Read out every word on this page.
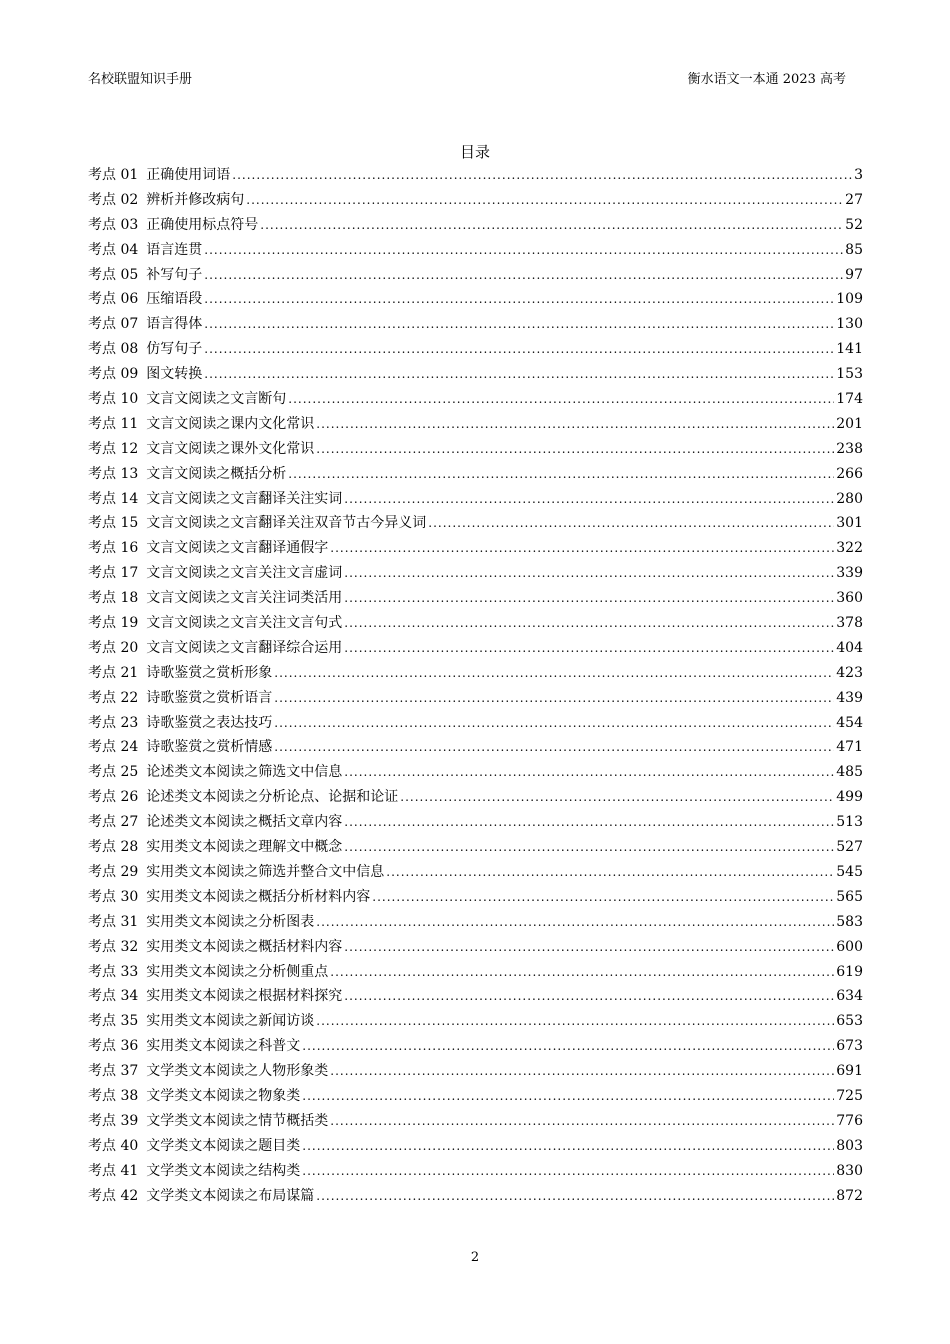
名校联盟知识手册	衡水语文一本通 2023 高考
目录
考点 01 正确使用词语 .....	3
考点 02 辨析并修改病句 .....	27
考点 03 正确使用标点符号 .....	52
考点 04 语言连贯 .....	85
考点 05 补写句子 .....	97
考点 06 压缩语段 .....	109
考点 07 语言得体 .....	130
考点 08 仿写句子 .....	141
考点 09 图文转换 .....	153
考点 10 文言文阅读之文言断句 .....	174
考点 11 文言文阅读之课内文化常识 .....	201
考点 12 文言文阅读之课外文化常识 .....	238
考点 13 文言文阅读之概括分析 .....	266
考点 14 文言文阅读之文言翻译关注实词 .....	280
考点 15 文言文阅读之文言翻译关注双音节古今异义词 .....	301
考点 16 文言文阅读之文言翻译通假字 .....	322
考点 17 文言文阅读之文言关注文言虚词 .....	339
考点 18 文言文阅读之文言关注词类活用 .....	360
考点 19 文言文阅读之文言关注文言句式 .....	378
考点 20 文言文阅读之文言翻译综合运用 .....	404
考点 21 诗歌鉴赏之赏析形象 .....	423
考点 22 诗歌鉴赏之赏析语言 .....	439
考点 23 诗歌鉴赏之表达技巧 .....	454
考点 24 诗歌鉴赏之赏析情感 .....	471
考点 25 论述类文本阅读之筛选文中信息 .....	485
考点 26 论述类文本阅读之分析论点、论据和论证 .....	499
考点 27 论述类文本阅读之概括文章内容 .....	513
考点 28 实用类文本阅读之理解文中概念 .....	527
考点 29 实用类文本阅读之筛选并整合文中信息 .....	545
考点 30 实用类文本阅读之概括分析材料内容 .....	565
考点 31 实用类文本阅读之分析图表 .....	583
考点 32 实用类文本阅读之概括材料内容 .....	600
考点 33 实用类文本阅读之分析侧重点 .....	619
考点 34 实用类文本阅读之根据材料探究 .....	634
考点 35 实用类文本阅读之新闻访谈 .....	653
考点 36 实用类文本阅读之科普文 .....	673
考点 37 文学类文本阅读之人物形象类 .....	691
考点 38 文学类文本阅读之物象类 .....	725
考点 39 文学类文本阅读之情节概括类 .....	776
考点 40 文学类文本阅读之题目类 .....	803
考点 41 文学类文本阅读之结构类 .....	830
考点 42 文学类文本阅读之布局谋篇 .....	872
2
